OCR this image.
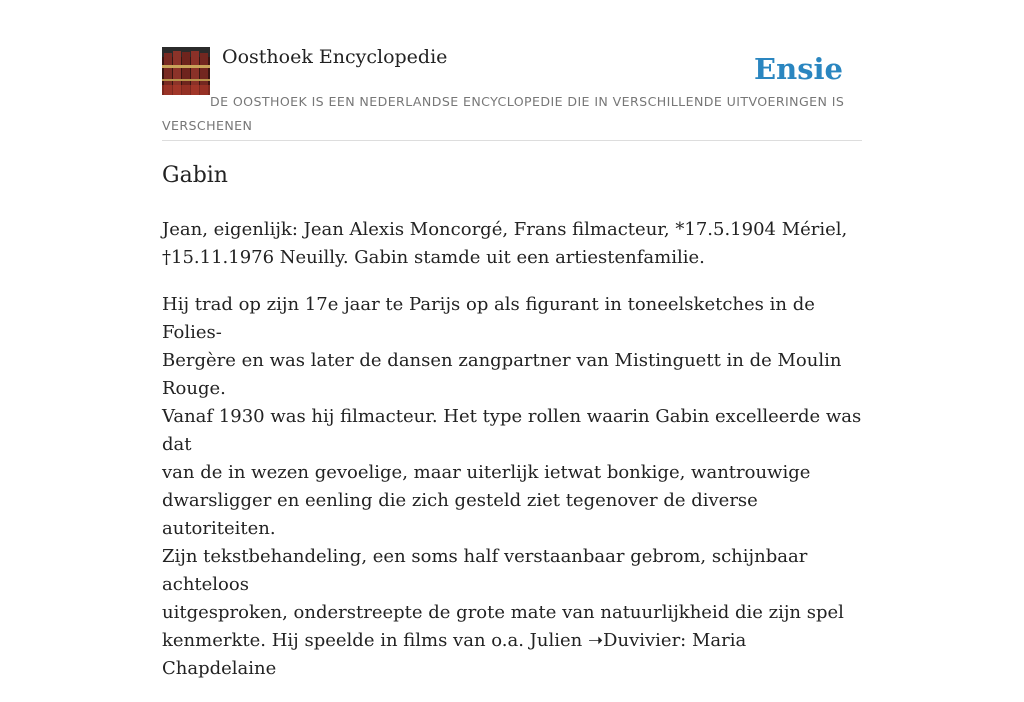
Oosthoek Encyclopedie	Ensie
DE OOSTHOEK IS EEN NEDERLANDSE ENCYCLOPEDIE DIE IN VERSCHILLENDE UITVOERINGEN IS VERSCHENEN
Gabin

Jean, eigenlijk: Jean Alexis Moncorgé, Frans filmacteur, *17.5.1904 Mériel,
†15.11.1976 Neuilly. Gabin stamde uit een artiestenfamilie.

Hij trad op zijn 17e jaar te Parijs op als figurant in toneelsketches in de Folies-
Bergère en was later de dansen zangpartner van Mistinguett in de Moulin Rouge.
Vanaf 1930 was hij filmacteur. Het type rollen waarin Gabin excelleerde was dat
van de in wezen gevoelige, maar uiterlijk ietwat bonkige, wantrouwige
dwarsligger en eenling die zich gesteld ziet tegenover de diverse autoriteiten.
Zijn tekstbehandeling, een soms half verstaanbaar gebrom, schijnbaar achteloos
uitgesproken, onderstreepte de grote mate van natuurlijkheid die zijn spel
kenmerkte. Hij speelde in films van o.a. Julien ➝Duvivier: Maria Chapdelaine
